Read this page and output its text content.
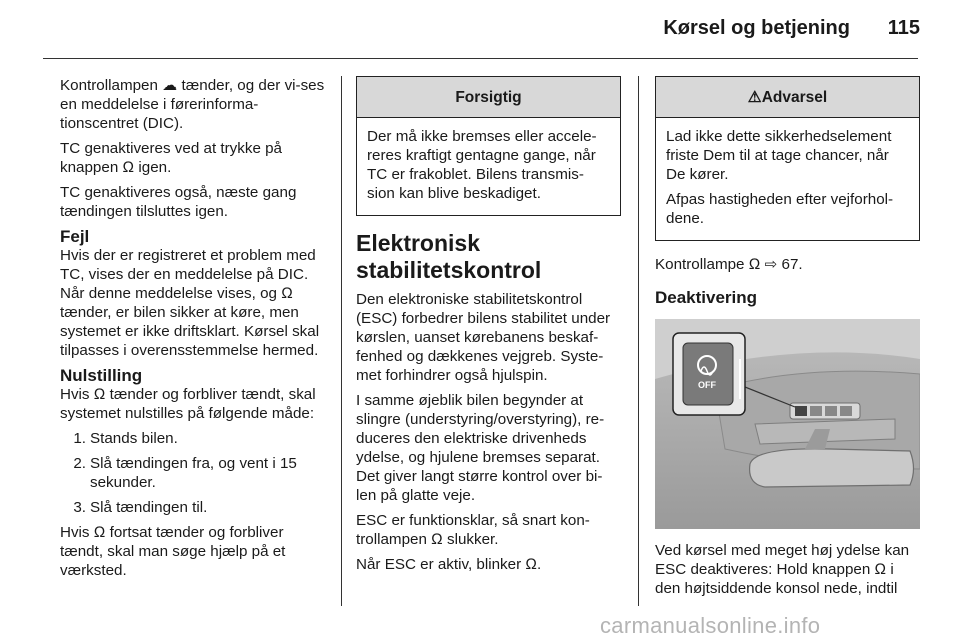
Kørsel og betjening 115

Kontrollampen ☁ tænder, og der vi-ses en meddelelse i førerinforma-tionscentret (DIC).

TC genaktiveres ved at trykke på knappen Ω igen.

TC genaktiveres også, næste gang tændingen tilsluttes igen.

Fejl

Hvis der er registreret et problem med TC, vises der en meddelelse på DIC. Når denne meddelelse vises, og Ω tænder, er bilen sikker at køre, men systemet er ikke driftsklart. Kørsel skal tilpasses i overensstemmelse hermed.

Nulstilling

Hvis Ω tænder og forbliver tændt, skal systemet nulstilles på følgende måde:

1. Stands bilen.
2. Slå tændingen fra, og vent i 15 sekunder.
3. Slå tændingen til.

Hvis Ω fortsat tænder og forbliver tændt, skal man søge hjælp på et værksted.

Forsigtig

Der må ikke bremses eller accele-reres kraftigt gentagne gange, når TC er frakoblet. Bilens transmis-sion kan blive beskadiget.

Elektronisk stabilitetskontrol

Den elektroniske stabilitetskontrol (ESC) forbedrer bilens stabilitet under kørslen, uanset kørebanens beskaf-fenhed og dækkenes vejgreb. Syste-met forhindrer også hjulspin.

I samme øjeblik bilen begynder at slingre (understyring/overstyring), re-duceres den elektriske drivenheds ydelse, og hjulene bremses separat. Det giver langt større kontrol over bi-len på glatte veje.

ESC er funktionsklar, så snart kon-trollampen Ω slukker.

Når ESC er aktiv, blinker Ω.

⚠Advarsel

Lad ikke dette sikkerhedselement friste Dem til at tage chancer, når De kører.

Afpas hastigheden efter vejforhol-dene.

Kontrollampe Ω ⇨ 67.

Deaktivering
OFF

Ved kørsel med meget høj ydelse kan ESC deaktiveres: Hold knappen Ω i den højtsiddende konsol nede, indtil

carmanualsonline.info
